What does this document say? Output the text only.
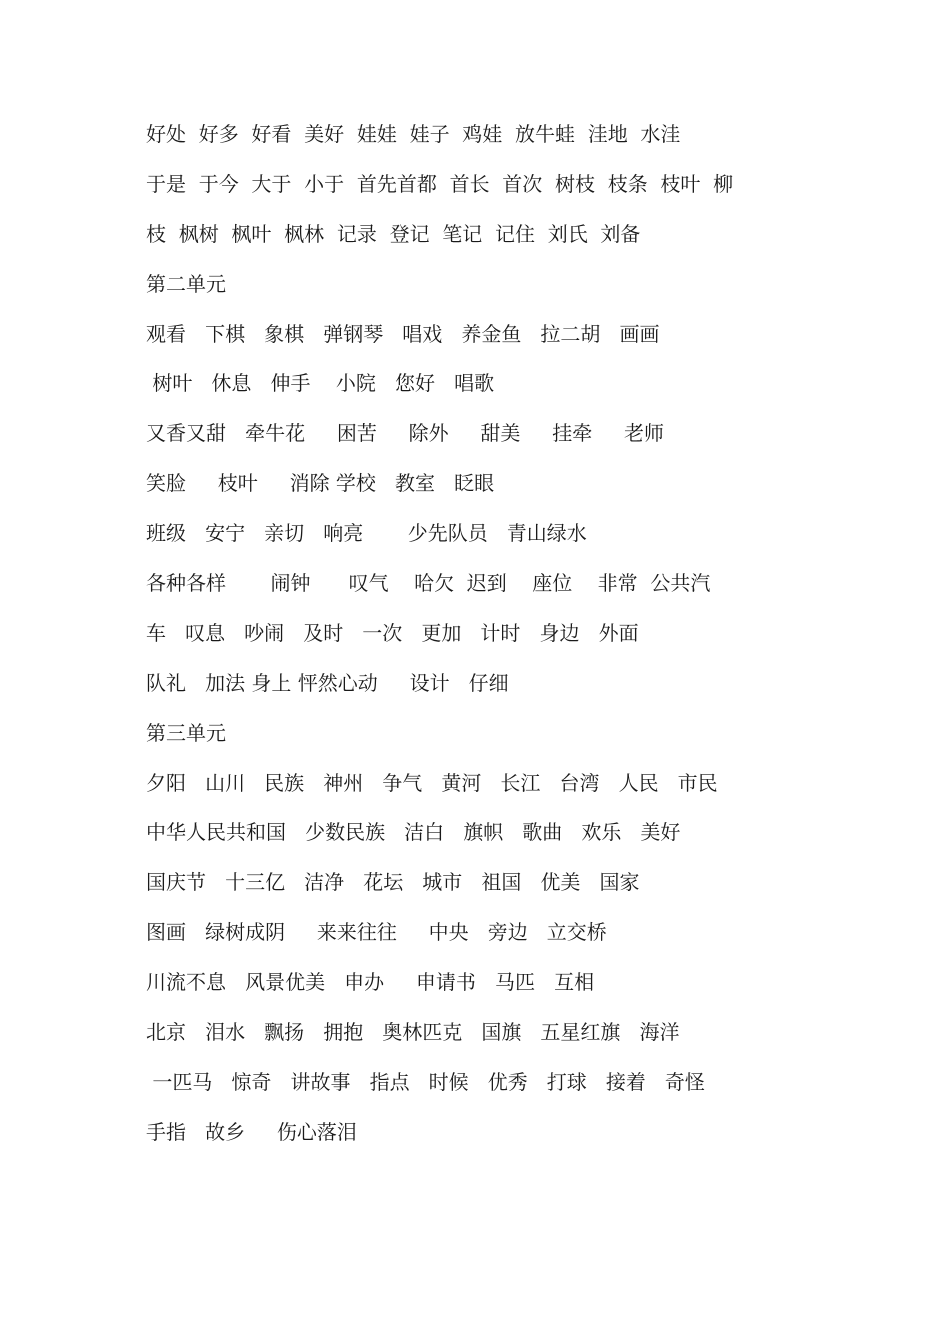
好处  好多  好看  美好  娃娃  娃子  鸡娃  放牛蛙  洼地  水洼
于是  于今  大于  小于  首先首都  首长  首次  树枝  枝条  枝叶  柳
枝  枫树  枫叶  枫林  记录  登记  笔记  记住  刘氏  刘备
第二单元
观看   下棋   象棋   弹钢琴   唱戏   养金鱼   拉二胡   画画
树叶   休息   伸手    小院   您好   唱歌
又香又甜   牵牛花     困苦     除外     甜美     挂牵     老师
笑脸     枝叶     消除 学校   教室   眨眼
班级   安宁   亲切   响亮       少先队员   青山绿水
各种各样       闹钟      叹气    哈欠  迟到    座位    非常  公共汽
车   叹息   吵闹   及时   一次   更加   计时   身边   外面
队礼   加法 身上 怦然心动     设计   仔细
第三单元
夕阳   山川   民族   神州   争气   黄河   长江   台湾   人民   市民
中华人民共和国   少数民族   洁白   旗帜   歌曲   欢乐   美好
国庆节   十三亿   洁净   花坛   城市   祖国   优美   国家
图画   绿树成阴     来来往往     中央   旁边   立交桥
川流不息   风景优美   申办     申请书   马匹   互相
北京   泪水   飘扬   拥抱   奥林匹克   国旗   五星红旗   海洋
一匹马   惊奇   讲故事   指点   时候   优秀   打球   接着   奇怪
手指   故乡     伤心落泪
